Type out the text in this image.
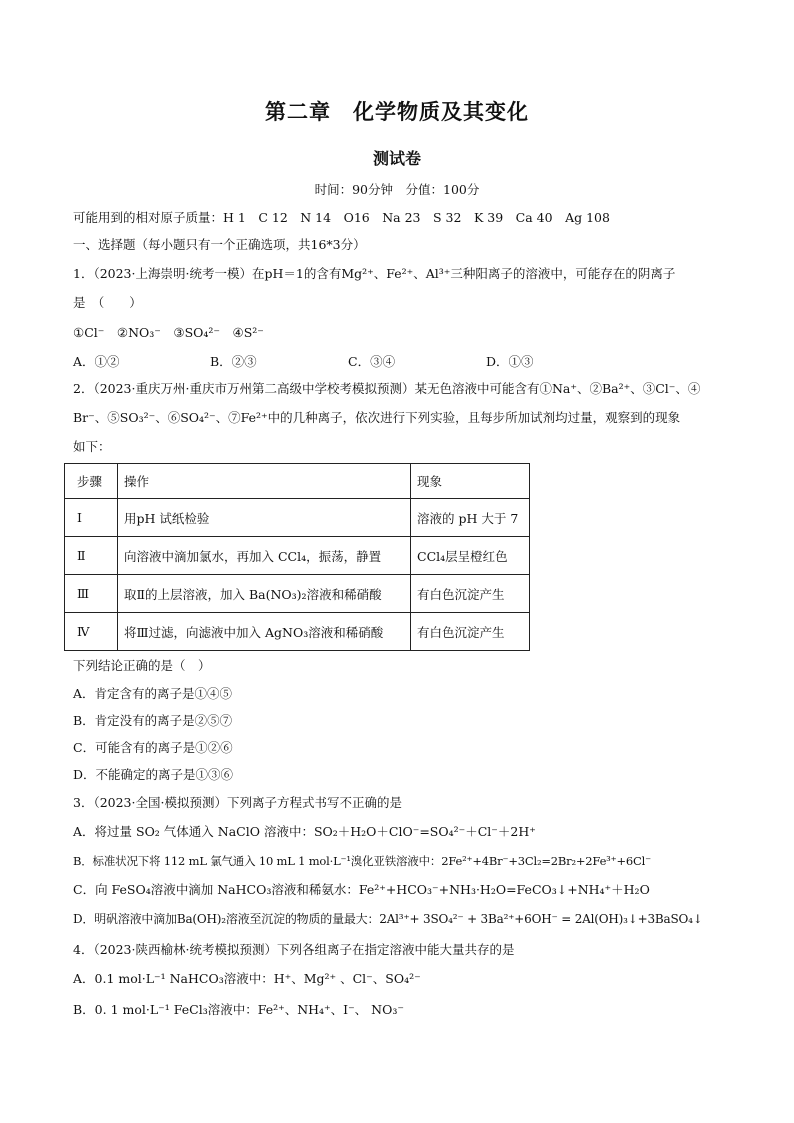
第二章　化学物质及其变化
测试卷
时间：90分钟　分值：100分
可能用到的相对原子质量：H 1　C 12　N 14　O16　Na 23　S 32　K 39　Ca 40　Ag 108
一、选择题（每小题只有一个正确选项，共16*3分）
1．（2023·上海崇明·统考一模）在pH＝1的含有Mg²⁺、Fe²⁺、Al³⁺三种阳离子的溶液中，可能存在的阴离子
是　（　　）
①Cl⁻　②NO₃⁻　③SO₄²⁻　④S²⁻
A．①②	B．②③	C．③④	D．①③
2．（2023·重庆万州·重庆市万州第二高级中学校考模拟预测）某无色溶液中可能含有①Na⁺、②Ba²⁺、③Cl⁻、④
Br⁻、⑤SO₃²⁻、⑥SO₄²⁻、⑦Fe²⁺中的几种离子，依次进行下列实验，且每步所加试剂均过量，观察到的现象
如下：
步骤	操作	现象
Ⅰ	用pH 试纸检验	溶液的 pH 大于 7
Ⅱ	向溶液中滴加氯水，再加入 CCl₄，振荡，静置	CCl₄层呈橙红色
Ⅲ	取Ⅱ的上层溶液，加入 Ba(NO₃)₂溶液和稀硝酸	有白色沉淀产生
Ⅳ	将Ⅲ过滤，向滤液中加入 AgNO₃溶液和稀硝酸	有白色沉淀产生
下列结论正确的是（　）
A．肯定含有的离子是①④⑤
B．肯定没有的离子是②⑤⑦
C．可能含有的离子是①②⑥
D．不能确定的离子是①③⑥
3．（2023·全国·模拟预测）下列离子方程式书写不正确的是
A．将过量 SO₂ 气体通入 NaClO 溶液中：SO₂＋H₂O＋ClO⁻=SO₄²⁻＋Cl⁻＋2H⁺
B．标准状况下将 112 mL 氯气通入 10 mL 1 mol·L⁻¹溴化亚铁溶液中：2Fe²⁺+4Br⁻+3Cl₂=2Br₂+2Fe³⁺+6Cl⁻
C．向 FeSO₄溶液中滴加 NaHCO₃溶液和稀氨水：Fe²⁺+HCO₃⁻+NH₃·H₂O=FeCO₃↓+NH₄⁺＋H₂O
D．明矾溶液中滴加Ba(OH)₂溶液至沉淀的物质的量最大：2Al³⁺+ 3SO₄²⁻ + 3Ba²⁺+6OH⁻ = 2Al(OH)₃↓+3BaSO₄↓
4．（2023·陕西榆林·统考模拟预测）下列各组离子在指定溶液中能大量共存的是
A．0.1 mol·L⁻¹ NaHCO₃溶液中：H⁺、Mg²⁺ 、Cl⁻、SO₄²⁻
B．0. 1 mol·L⁻¹ FeCl₃溶液中：Fe²⁺、NH₄⁺、I⁻、 NO₃⁻
